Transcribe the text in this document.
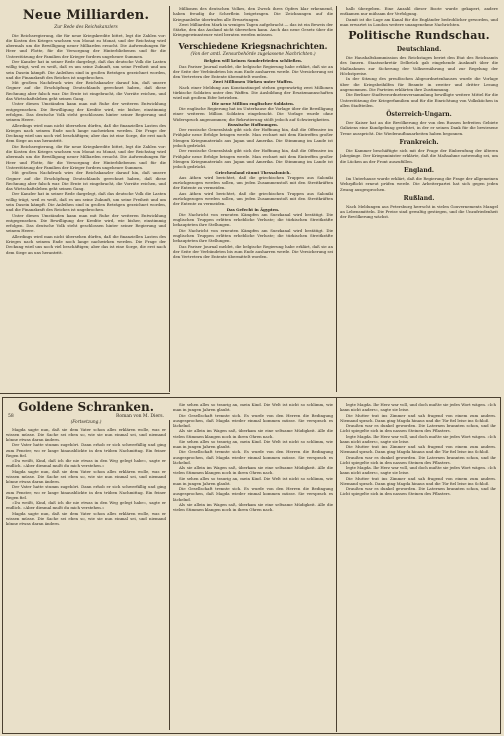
Neue Milliarden.
Zur Rede des Reichskanzlers

Die Reichsregierung, die für neue Kriegskredite bittet, legt die Zahlen vor: die Kosten des Krieges wachsen von Monat zu Monat, und der Reichstag wird abermals um die Bewilligung neuer Milliarden ersucht. Die Aufwendungen für Heer und Flotte, für die Versorgung der Hinterbliebenen und für die Unterstützung der Familien der Krieger fordern ungeheure Summen.

Der Kanzler hat in seiner Rede dargelegt, daß das deutsche Volk die Lasten willig trägt, weil es weiß, daß es um seine Zukunft, um seine Freiheit und um sein Dasein kämpft. Die Anleihen sind in großen Beträgen gezeichnet worden, und die Finanzkraft des Reiches ist ungebrochen.

Mit großem Nachdruck wies der Reichskanzler darauf hin, daß unsere Gegner auf die Erschöpfung Deutschlands gerechnet haben, daß diese Rechnung aber falsch war. Die Ernte ist eingebracht, die Vorräte reichen, und das Wirtschaftsleben geht seinen Gang.

Unter diesen Umständen kann man mit Ruhe der weiteren Entwicklung entgegensehen. Die Bewilligung der Kredite wird, wie bisher, einstimmig erfolgen. Das deutsche Volk steht geschlossen hinter seiner Regierung und seinem Heere.

Allerdings wird man nicht übersehen dürfen, daß die finanziellen Lasten des Krieges nach seinem Ende noch lange nachwirken werden. Die Frage der Deckung wird uns noch viel beschäftigen; aber das ist eine Sorge, die erst nach dem Siege an uns herantritt.

Die Reichsregierung, die für neue Kriegskredite bittet, legt die Zahlen vor: die Kosten des Krieges wachsen von Monat zu Monat, und der Reichstag wird abermals um die Bewilligung neuer Milliarden ersucht. Die Aufwendungen für Heer und Flotte, für die Versorgung der Hinterbliebenen und für die Unterstützung der Familien der Krieger fordern ungeheure Summen.

Mit großem Nachdruck wies der Reichskanzler darauf hin, daß unsere Gegner auf die Erschöpfung Deutschlands gerechnet haben, daß diese Rechnung aber falsch war. Die Ernte ist eingebracht, die Vorräte reichen, und das Wirtschaftsleben geht seinen Gang.

Der Kanzler hat in seiner Rede dargelegt, daß das deutsche Volk die Lasten willig trägt, weil es weiß, daß es um seine Zukunft, um seine Freiheit und um sein Dasein kämpft. Die Anleihen sind in großen Beträgen gezeichnet worden, und die Finanzkraft des Reiches ist ungebrochen.

Unter diesen Umständen kann man mit Ruhe der weiteren Entwicklung entgegensehen. Die Bewilligung der Kredite wird, wie bisher, einstimmig erfolgen. Das deutsche Volk steht geschlossen hinter seiner Regierung und seinem Heere.

Allerdings wird man nicht übersehen dürfen, daß die finanziellen Lasten des Krieges nach seinem Ende noch lange nachwirken werden. Die Frage der Deckung wird uns noch viel beschäftigen; aber das ist eine Sorge, die erst nach dem Siege an uns herantritt.

Millionen des deutschen Volkes, den Zweck ihres Opfers klar erkennend, haben freudig ihr Scherflein beigetragen. Die Zeichnungen auf die Kriegsanleihe übertrafen alle Erwartungen.

Zwei Milliarden Mark in wenigen Tagen aufgebracht — das ist ein Beweis der Stärke, den das Ausland nicht übersehen kann. Auch das neue Gesetz über die Kriegsgewinnsteuer wird beraten werden müssen.

Verschiedene Kriegsnachrichten.
(Von der amtl. Zensurbehörde zugelassene Nachrichten.)
Belgien will keinen Sonderfrieden schließen.

Das Pariser Journal meldet, die belgische Regierung habe erklärt, daß sie an der Seite der Verbündeten bis zum Ende ausharren werde. Die Versicherung sei den Vertretern der Entente übermittelt worden.

Zwei Millionen Türken unter Waffen.

Nach einer Meldung aus Konstantinopel stehen gegenwärtig zwei Millionen türkische Soldaten unter den Waffen. Die Ausbildung der Ersatzmannschaften wird mit großem Eifer betrieben.

Die neue Million englischer Soldaten.

Die englische Regierung hat im Unterhause die Vorlage über die Bewilligung einer weiteren Million Soldaten eingebracht. Die Vorlage wurde ohne Widerspruch angenommen; die Rekrutierung stößt jedoch auf Schwierigkeiten.

Russische Hoffnungen.

Der russische Generalstab gibt sich der Hoffnung hin, daß die Offensive im Frühjahr neue Erfolge bringen werde. Man rechnet mit dem Eintreffen großer Mengen Kriegsmaterials aus Japan und Amerika. Die Stimmung im Lande ist jedoch gedrückt.

Der russische Generalstab gibt sich der Hoffnung hin, daß die Offensive im Frühjahr neue Erfolge bringen werde. Man rechnet mit dem Eintreffen großer Mengen Kriegsmaterials aus Japan und Amerika. Die Stimmung im Lande ist jedoch gedrückt.

Griechenland räumt Thessalonich.

Aus Athen wird berichtet, daß die griechischen Truppen aus Saloniki zurückgezogen werden sollen, um jeden Zusammenstoß mit den Streitkräften der Entente zu vermeiden.

Aus Athen wird berichtet, daß die griechischen Truppen aus Saloniki zurückgezogen werden sollen, um jeden Zusammenstoß mit den Streitkräften der Entente zu vermeiden.

Das Gefecht in Ägypten.

Die Nachricht von erneuten Kämpfen am Suezkanal wird bestätigt. Die englischen Truppen erlitten erhebliche Verluste; die türkischen Streitkräfte behaupteten ihre Stellungen.

Die Nachricht von erneuten Kämpfen am Suezkanal wird bestätigt. Die englischen Truppen erlitten erhebliche Verluste; die türkischen Streitkräfte behaupteten ihre Stellungen.

Das Pariser Journal meldet, die belgische Regierung habe erklärt, daß sie an der Seite der Verbündeten bis zum Ende ausharren werde. Die Versicherung sei den Vertretern der Entente übermittelt worden.

halb übergeben. Eine Anzahl dieser Boote wurde gekapert, andere entkamen nur mühsam der Verfolgung.

Damit ist die Lage am Kanal für die Engländer bedrohlicher geworden, und man erwartet in London weitere unangenehme Nachrichten.

Politische Rundschau.
Deutschland.

Die Haushaltskommission des Reichstages beriet den Etat des Reichsamts des Innern. Staatssekretär Delbrück gab eingehende Auskunft über die Maßnahmen zur Sicherung der Volksernährung und zur Regelung der Höchstpreise.

In der Sitzung des preußischen Abgeordnetenhauses wurde die Vorlage über die Kriegsbeihilfen für Beamte in zweiter und dritter Lesung angenommen. Die Parteien erklärten ihre Zustimmung.

Die Berliner Stadtverordnetenversammlung bewilligte weitere Mittel für die Unterstützung der Kriegerfamilien und für die Einrichtung von Volksküchen in allen Stadtteilen.

Österreich-Ungarn.

Der Kaiser hat an die Bevölkerung der von den Russen befreiten Gebiete Galiziens eine Kundgebung gerichtet, in der er seinen Dank für die bewiesene Treue ausspricht. Die Wiederaufbauarbeiten haben begonnen.

Frankreich.

Die Kammer beschäftigte sich mit der Frage der Einberufung der älteren Jahrgänge. Der Kriegsminister erklärte, daß die Maßnahme notwendig sei, um die Lücken an der Front auszufüllen.

England.

Im Unterhause wurde erklärt, daß die Regierung die Frage der allgemeinen Wehrpflicht erneut prüfen werde. Die Arbeiterpartei hat sich gegen jeden Zwang ausgesprochen.

Rußland.

Nach Meldungen aus Petersburg herrscht in vielen Gouvernements Mangel an Lebensmitteln. Die Preise sind gewaltig gestiegen, und die Unzufriedenheit der Bevölkerung wächst.

Goldene Schranken.
58	Roman von M. Diers.
(Fortsetzung.)

Magda sagte nun, daß sie dem Vater schon alles erklären wolle, was er wissen müsse. Die Sache sei eben so, wie sie nun einmal sei, und niemand könne etwas daran ändern.

Der Vater hatte stumm zugehört. Dann erhob er sich schwerfällig und ging zum Fenster, wo er lange hinausblickte in den trüben Nachmittag. Ein feiner Regen fiel.

»Du weißt, Kind, daß ich dir nie etwas in den Weg gelegt habe«, sagte er endlich. »Aber diesmal mußt du mich verstehen.«

Magda sagte nun, daß sie dem Vater schon alles erklären wolle, was er wissen müsse. Die Sache sei eben so, wie sie nun einmal sei, und niemand könne etwas daran ändern.

Der Vater hatte stumm zugehört. Dann erhob er sich schwerfällig und ging zum Fenster, wo er lange hinausblickte in den trüben Nachmittag. Ein feiner Regen fiel.

»Du weißt, Kind, daß ich dir nie etwas in den Weg gelegt habe«, sagte er endlich. »Aber diesmal mußt du mich verstehen.«

Magda sagte nun, daß sie dem Vater schon alles erklären wolle, was er wissen müsse. Die Sache sei eben so, wie sie nun einmal sei, und niemand könne etwas daran ändern.

Sie sehen alles so traurig an, mein Kind. Die Welt ist nicht so schlimm, wie man in jungen Jahren glaubt.

Die Gesellschaft trennte sich. Es wurde von den Herren die Bedingung ausgesprochen, daß Magda wieder einmal kommen müsse. Sie versprach es lächelnd.

Als sie allein im Wagen saß, überkam sie eine seltsame Müdigkeit. Alle die vielen Stimmen klangen noch in ihren Ohren nach.

Sie sehen alles so traurig an, mein Kind. Die Welt ist nicht so schlimm, wie man in jungen Jahren glaubt.

Die Gesellschaft trennte sich. Es wurde von den Herren die Bedingung ausgesprochen, daß Magda wieder einmal kommen müsse. Sie versprach es lächelnd.

Als sie allein im Wagen saß, überkam sie eine seltsame Müdigkeit. Alle die vielen Stimmen klangen noch in ihren Ohren nach.

Sie sehen alles so traurig an, mein Kind. Die Welt ist nicht so schlimm, wie man in jungen Jahren glaubt.

Die Gesellschaft trennte sich. Es wurde von den Herren die Bedingung ausgesprochen, daß Magda wieder einmal kommen müsse. Sie versprach es lächelnd.

Als sie allein im Wagen saß, überkam sie eine seltsame Müdigkeit. Alle die vielen Stimmen klangen noch in ihren Ohren nach.

legte Magda. Ihr Herz war voll, und doch mußte sie jedes Wort wägen. »Ich kann nicht anders«, sagte sie leise.

Die Mutter trat ins Zimmer und sah fragend von einem zum andern. Niemand sprach. Dann ging Magda hinaus und die Tür fiel leise ins Schloß.

Draußen war es dunkel geworden. Die Laternen brannten schon, und ihr Licht spiegelte sich in den nassen Steinen des Pflasters.

legte Magda. Ihr Herz war voll, und doch mußte sie jedes Wort wägen. »Ich kann nicht anders«, sagte sie leise.

Die Mutter trat ins Zimmer und sah fragend von einem zum andern. Niemand sprach. Dann ging Magda hinaus und die Tür fiel leise ins Schloß.

Draußen war es dunkel geworden. Die Laternen brannten schon, und ihr Licht spiegelte sich in den nassen Steinen des Pflasters.

legte Magda. Ihr Herz war voll, und doch mußte sie jedes Wort wägen. »Ich kann nicht anders«, sagte sie leise.

Die Mutter trat ins Zimmer und sah fragend von einem zum andern. Niemand sprach. Dann ging Magda hinaus und die Tür fiel leise ins Schloß.

Draußen war es dunkel geworden. Die Laternen brannten schon, und ihr Licht spiegelte sich in den nassen Steinen des Pflasters.
